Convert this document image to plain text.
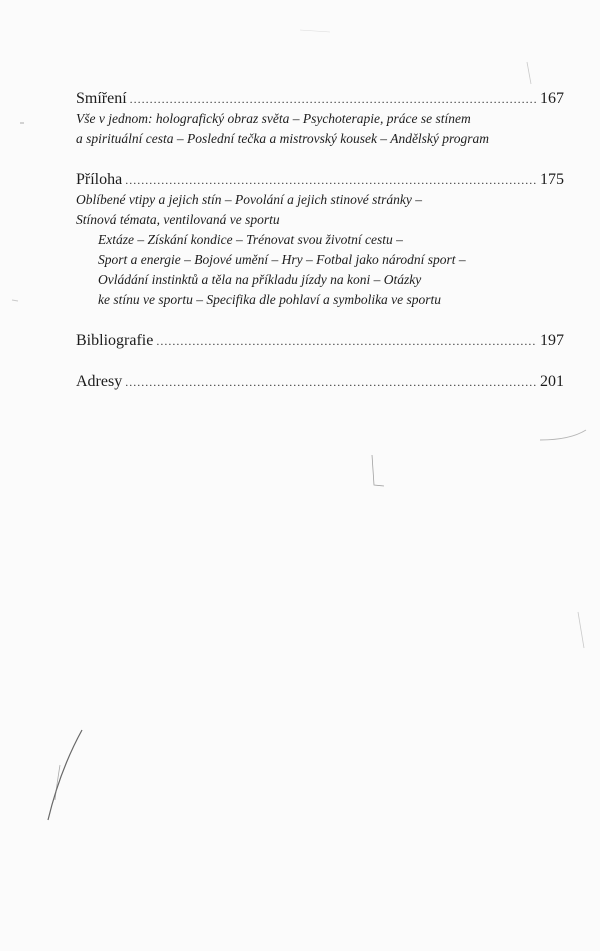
Smíření . . .	167
Vše v jednom: holografický obraz světa – Psychoterapie, práce se stínem
a spirituální cesta – Poslední tečka a mistrovský kousek – Andělský program
Příloha . . .	175
Oblíbené vtipy a jejich stín – Povolání a jejich stinové stránky –
Stínová témata, ventilovaná ve sportu
Extáze – Získání kondice – Trénovat svou životní cestu –
Sport a energie – Bojové umění – Hry – Fotbal jako národní sport –
Ovládání instinktů a těla na příkladu jízdy na koni – Otázky
ke stínu ve sportu – Specifika dle pohlaví a symbolika ve sportu
Bibliografie . . .	197
Adresy . . .	201
